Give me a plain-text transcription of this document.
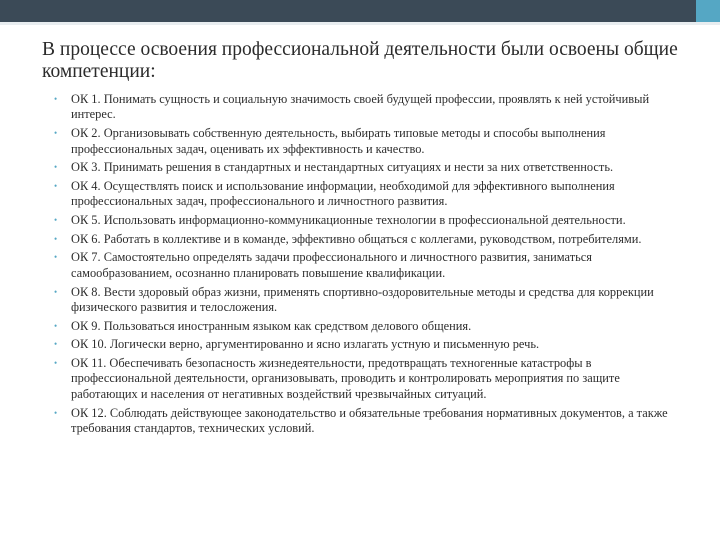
В процессе освоения профессиональной деятельности были освоены общие компетенции:
• ОК 1. Понимать сущность и социальную значимость своей будущей профессии, проявлять к ней устойчивый интерес.
• ОК 2. Организовывать собственную деятельность, выбирать типовые методы и способы выполнения профессиональных задач, оценивать их эффективность и качество.
• ОК 3. Принимать решения в стандартных и нестандартных ситуациях и нести за них ответственность.
• ОК 4. Осуществлять поиск и использование информации, необходимой для эффективного выполнения профессиональных задач, профессионального и личностного развития.
• ОК 5. Использовать информационно-коммуникационные технологии в профессиональной деятельности.
• ОК 6. Работать в коллективе и в команде, эффективно общаться с коллегами, руководством, потребителями.
• ОК 7. Самостоятельно определять задачи профессионального и личностного развития, заниматься самообразованием, осознанно планировать повышение квалификации.
• ОК 8. Вести здоровый образ жизни, применять спортивно-оздоровительные методы и средства для коррекции физического развития и телосложения.
• ОК 9. Пользоваться иностранным языком как средством делового общения.
• ОК 10. Логически верно, аргументированно и ясно излагать устную и письменную речь.
• ОК 11. Обеспечивать безопасность жизнедеятельности, предотвращать техногенные катастрофы в профессиональной деятельности, организовывать, проводить и контролировать мероприятия по защите работающих и населения от негативных воздействий чрезвычайных ситуаций.
• ОК 12. Соблюдать действующее законодательство и обязательные требования нормативных документов, а также требования стандартов, технических условий.
